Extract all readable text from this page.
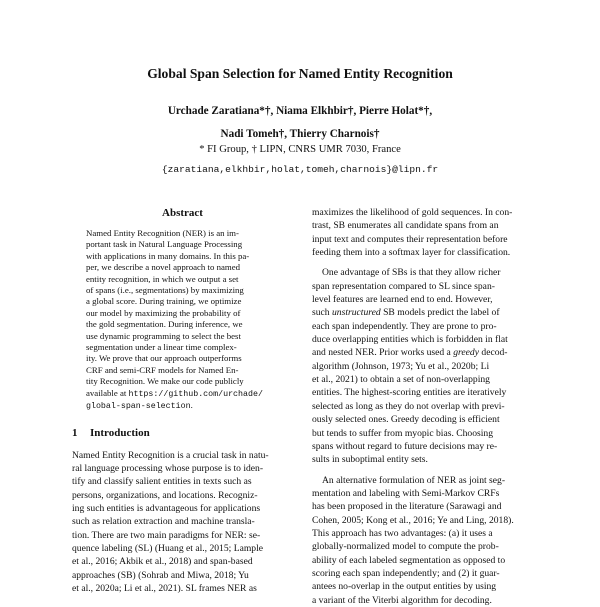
Global Span Selection for Named Entity Recognition
Urchade Zaratiana*†, Niama Elkhbir†, Pierre Holat*†,
Nadi Tomeh†, Thierry Charnois†
* FI Group, † LIPN, CNRS UMR 7030, France
{zaratiana,elkhbir,holat,tomeh,charnois}@lipn.fr
Abstract
Named Entity Recognition (NER) is an im-
portant task in Natural Language Processing
with applications in many domains. In this pa-
per, we describe a novel approach to named
entity recognition, in which we output a set
of spans (i.e., segmentations) by maximizing
a global score. During training, we optimize
our model by maximizing the probability of
the gold segmentation. During inference, we
use dynamic programming to select the best
segmentation under a linear time complex-
ity. We prove that our approach outperforms
CRF and semi-CRF models for Named En-
tity Recognition. We make our code publicly
available at https://github.com/urchade/
global-span-selection.
1 Introduction
Named Entity Recognition is a crucial task in natu-
ral language processing whose purpose is to iden-
tify and classify salient entities in texts such as
persons, organizations, and locations. Recogniz-
ing such entities is advantageous for applications
such as relation extraction and machine transla-
tion. There are two main paradigms for NER: se-
quence labeling (SL) (Huang et al., 2015; Lample
et al., 2016; Akbik et al., 2018) and span-based
approaches (SB) (Sohrab and Miwa, 2018; Yu
et al., 2020a; Li et al., 2021). SL frames NER as
maximizes the likelihood of gold sequences. In con-
trast, SB enumerates all candidate spans from an
input text and computes their representation before
feeding them into a softmax layer for classification.
One advantage of SBs is that they allow richer
span representation compared to SL since span-
level features are learned end to end. However,
such unstructured SB models predict the label of
each span independently. They are prone to pro-
duce overlapping entities which is forbidden in flat
and nested NER. Prior works used a greedy decod-
algorithm (Johnson, 1973; Yu et al., 2020b; Li
et al., 2021) to obtain a set of non-overlapping
entities. The highest-scoring entities are iteratively
selected as long as they do not overlap with previ-
ously selected ones. Greedy decoding is efficient
but tends to suffer from myopic bias. Choosing
spans without regard to future decisions may re-
sults in suboptimal entity sets.
An alternative formulation of NER as joint seg-
mentation and labeling with Semi-Markov CRFs
has been proposed in the literature (Sarawagi and
Cohen, 2005; Kong et al., 2016; Ye and Ling, 2018).
This approach has two advantages: (a) it uses a
globally-normalized model to compute the prob-
ability of each labeled segmentation as opposed to
scoring each span independently; and (2) it guar-
antees no-overlap in the output entities by using
a variant of the Viterbi algorithm for decoding.
